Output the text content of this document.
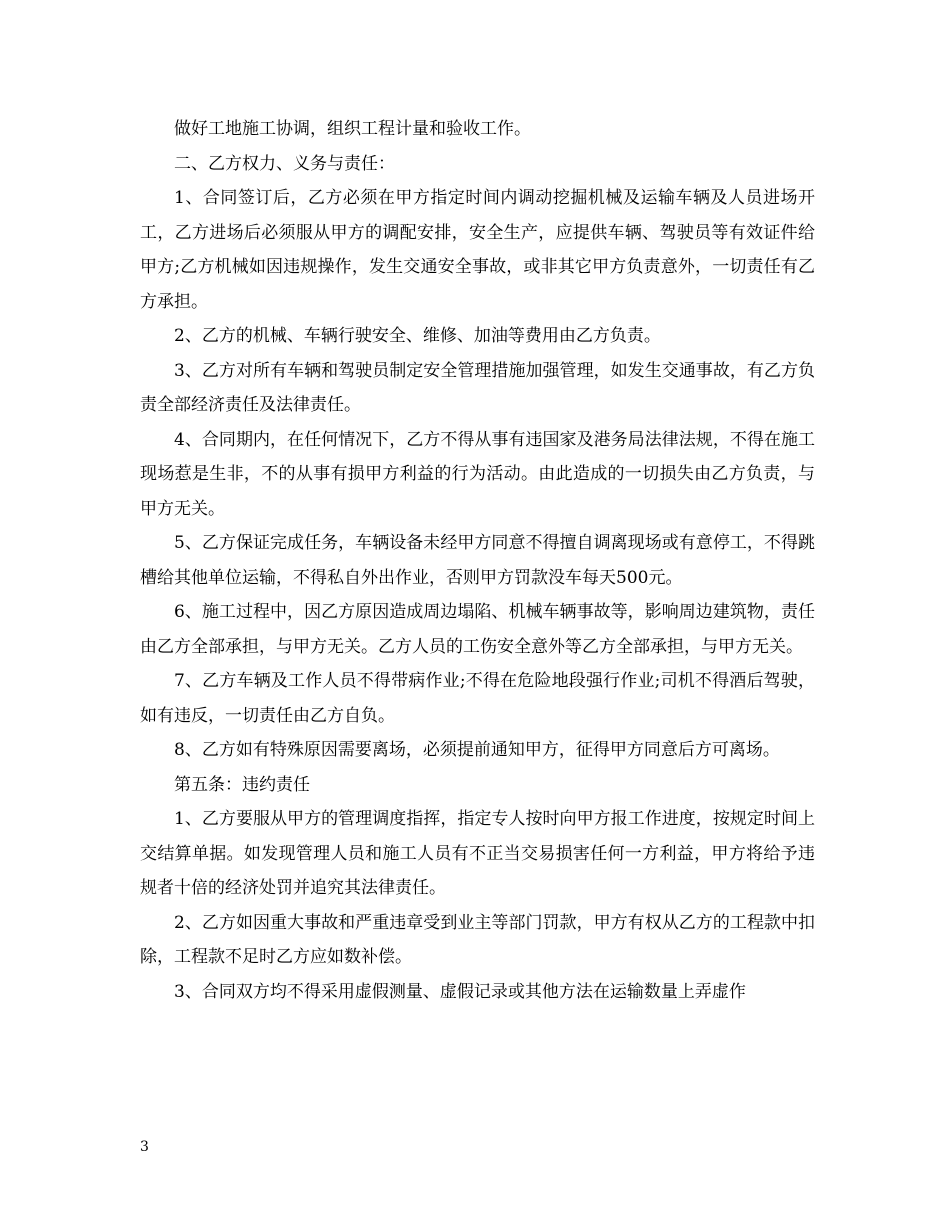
做好工地施工协调，组织工程计量和验收工作。

二、乙方权力、义务与责任：

1、合同签订后，乙方必须在甲方指定时间内调动挖掘机械及运输车辆及人员进场开工，乙方进场后必须服从甲方的调配安排，安全生产，应提供车辆、驾驶员等有效证件给甲方;乙方机械如因违规操作，发生交通安全事故，或非其它甲方负责意外，一切责任有乙方承担。

2、乙方的机械、车辆行驶安全、维修、加油等费用由乙方负责。

3、乙方对所有车辆和驾驶员制定安全管理措施加强管理，如发生交通事故，有乙方负责全部经济责任及法律责任。

4、合同期内，在任何情况下，乙方不得从事有违国家及港务局法律法规，不得在施工现场惹是生非，不的从事有损甲方利益的行为活动。由此造成的一切损失由乙方负责，与甲方无关。

5、乙方保证完成任务，车辆设备未经甲方同意不得擅自调离现场或有意停工，不得跳槽给其他单位运输，不得私自外出作业，否则甲方罚款没车每天500元。

6、施工过程中，因乙方原因造成周边塌陷、机械车辆事故等，影响周边建筑物，责任由乙方全部承担，与甲方无关。乙方人员的工伤安全意外等乙方全部承担，与甲方无关。

7、乙方车辆及工作人员不得带病作业;不得在危险地段强行作业;司机不得酒后驾驶，如有违反，一切责任由乙方自负。

8、乙方如有特殊原因需要离场，必须提前通知甲方，征得甲方同意后方可离场。

第五条：违约责任

1、乙方要服从甲方的管理调度指挥，指定专人按时向甲方报工作进度，按规定时间上交结算单据。如发现管理人员和施工人员有不正当交易损害任何一方利益，甲方将给予违规者十倍的经济处罚并追究其法律责任。

2、乙方如因重大事故和严重违章受到业主等部门罚款，甲方有权从乙方的工程款中扣除，工程款不足时乙方应如数补偿。

3、合同双方均不得采用虚假测量、虚假记录或其他方法在运输数量上弄虚作

3
